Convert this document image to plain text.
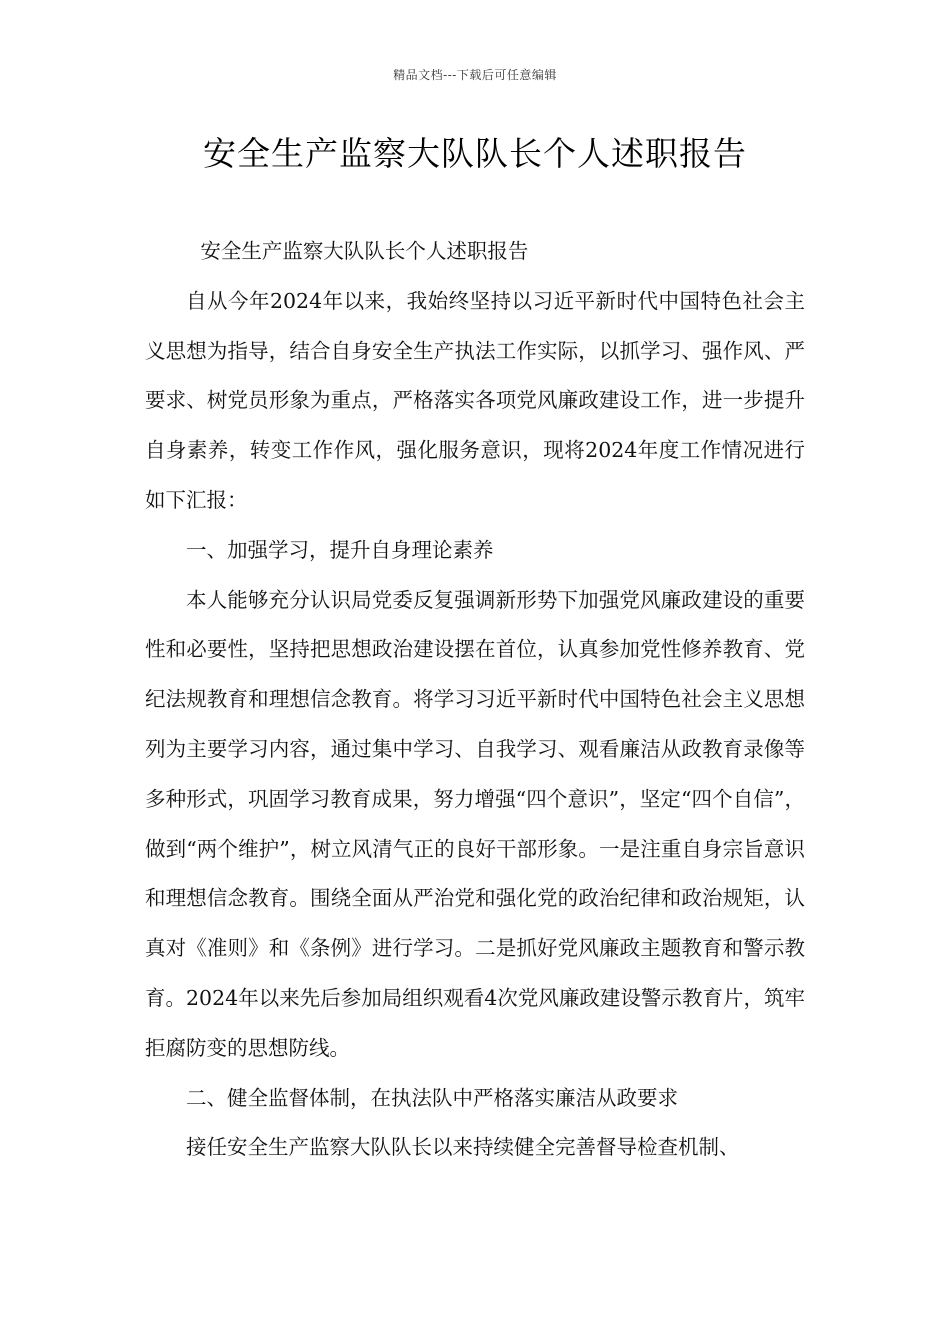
精品文档---下载后可任意编辑
安全生产监察大队队长个人述职报告

安全生产监察大队队长个人述职报告

自从今年2024年以来，我始终坚持以习近平新时代中国特色社会主义思想为指导，结合自身安全生产执法工作实际，以抓学习、强作风、严要求、树党员形象为重点，严格落实各项党风廉政建设工作，进一步提升自身素养，转变工作作风，强化服务意识，现将2024年度工作情况进行如下汇报：

一、加强学习，提升自身理论素养

本人能够充分认识局党委反复强调新形势下加强党风廉政建设的重要性和必要性，坚持把思想政治建设摆在首位，认真参加党性修养教育、党纪法规教育和理想信念教育。将学习习近平新时代中国特色社会主义思想列为主要学习内容，通过集中学习、自我学习、观看廉洁从政教育录像等多种形式，巩固学习教育成果，努力增强“四个意识”，坚定“四个自信”，做到“两个维护”，树立风清气正的良好干部形象。一是注重自身宗旨意识和理想信念教育。围绕全面从严治党和强化党的政治纪律和政治规矩，认真对《准则》和《条例》进行学习。二是抓好党风廉政主题教育和警示教育。2024年以来先后参加局组织观看4次党风廉政建设警示教育片，筑牢拒腐防变的思想防线。

二、健全监督体制，在执法队中严格落实廉洁从政要求

接任安全生产监察大队队长以来持续健全完善督导检查机制、
